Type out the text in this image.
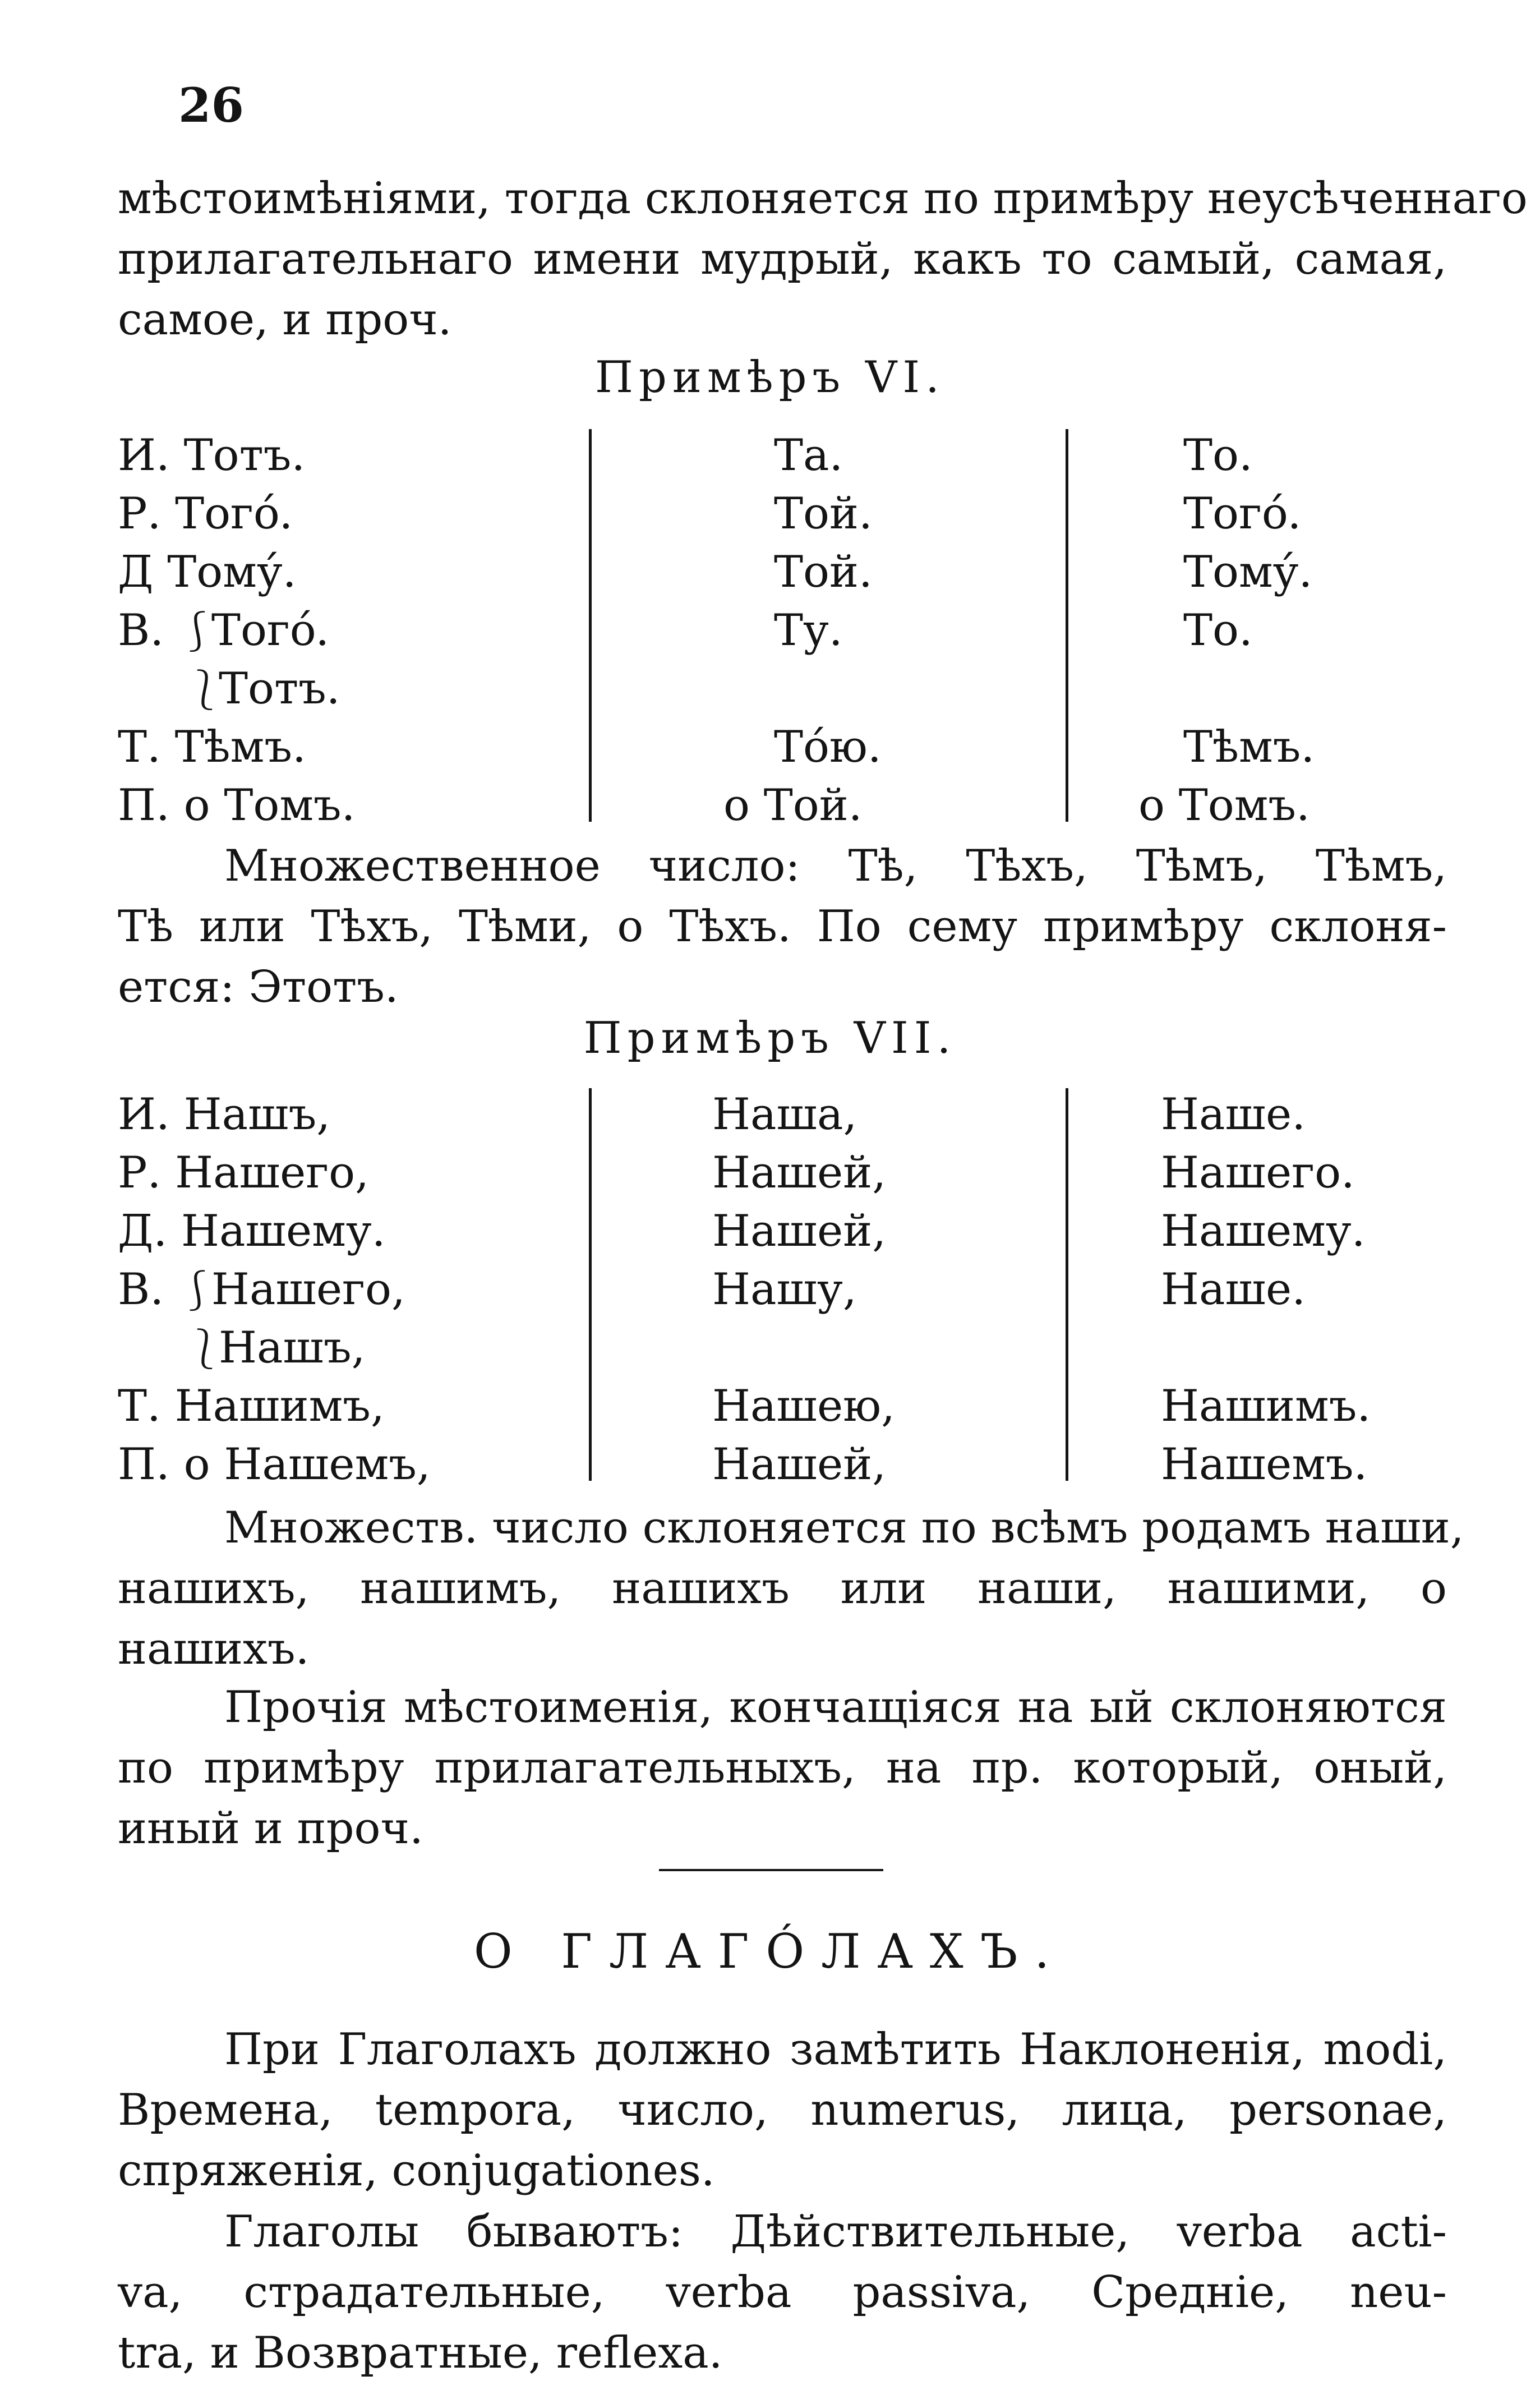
26
мѣстоимѣніями, тогда склоняется по примѣру неусѣченнаго
прилагательнаго имени мудрый, какъ то самый, самая,
самое, и проч.
Примѣръ VI.
И. Тотъ.	Та.	То.
Р. Тогó.	Той.	Тогó.
Д Тому́.	Той.	Тому́.
В. ⎰Тогó.	Ту.	То.
⎱Тотъ.
Т. Тѣмъ.	Тóю.	Тѣмъ.
П. о Томъ.	о Той.	о Томъ.
Множественное число: Тѣ, Тѣхъ, Тѣмъ, Тѣмъ,
Тѣ или Тѣхъ, Тѣми, о Тѣхъ. По сему примѣру склоня-
ется: Этотъ.
Примѣръ VII.
И. Нашъ,	Наша,	Наше.
Р. Нашего,	Нашей,	Нашего.
Д. Нашему.	Нашей,	Нашему.
В. ⎰Нашего,	Нашу,	Наше.
⎱Нашъ,
Т. Нашимъ,	Нашею,	Нашимъ.
П. о Нашемъ,	Нашей,	Нашемъ.
Множеств. число склоняется по всѣмъ родамъ наши,
нашихъ, нашимъ, нашихъ или наши, нашими, о
нашихъ.
Прочія мѣстоименія, кончащіяся на ый склоняются
по примѣру прилагательныхъ, на пр. который, оный,
иный и проч.
О ГЛАГÓЛАХЪ.
При Глаголахъ должно замѣтить Наклоненія, modi,
Времена, tempora, число, numerus, лица, personae,
спряженія, conjugationes.
Глаголы бываютъ: Дѣйствительные, verba acti-
va, страдательные, verba passiva, Средніе, neu-
tra, и Возвратные, reflexa.
